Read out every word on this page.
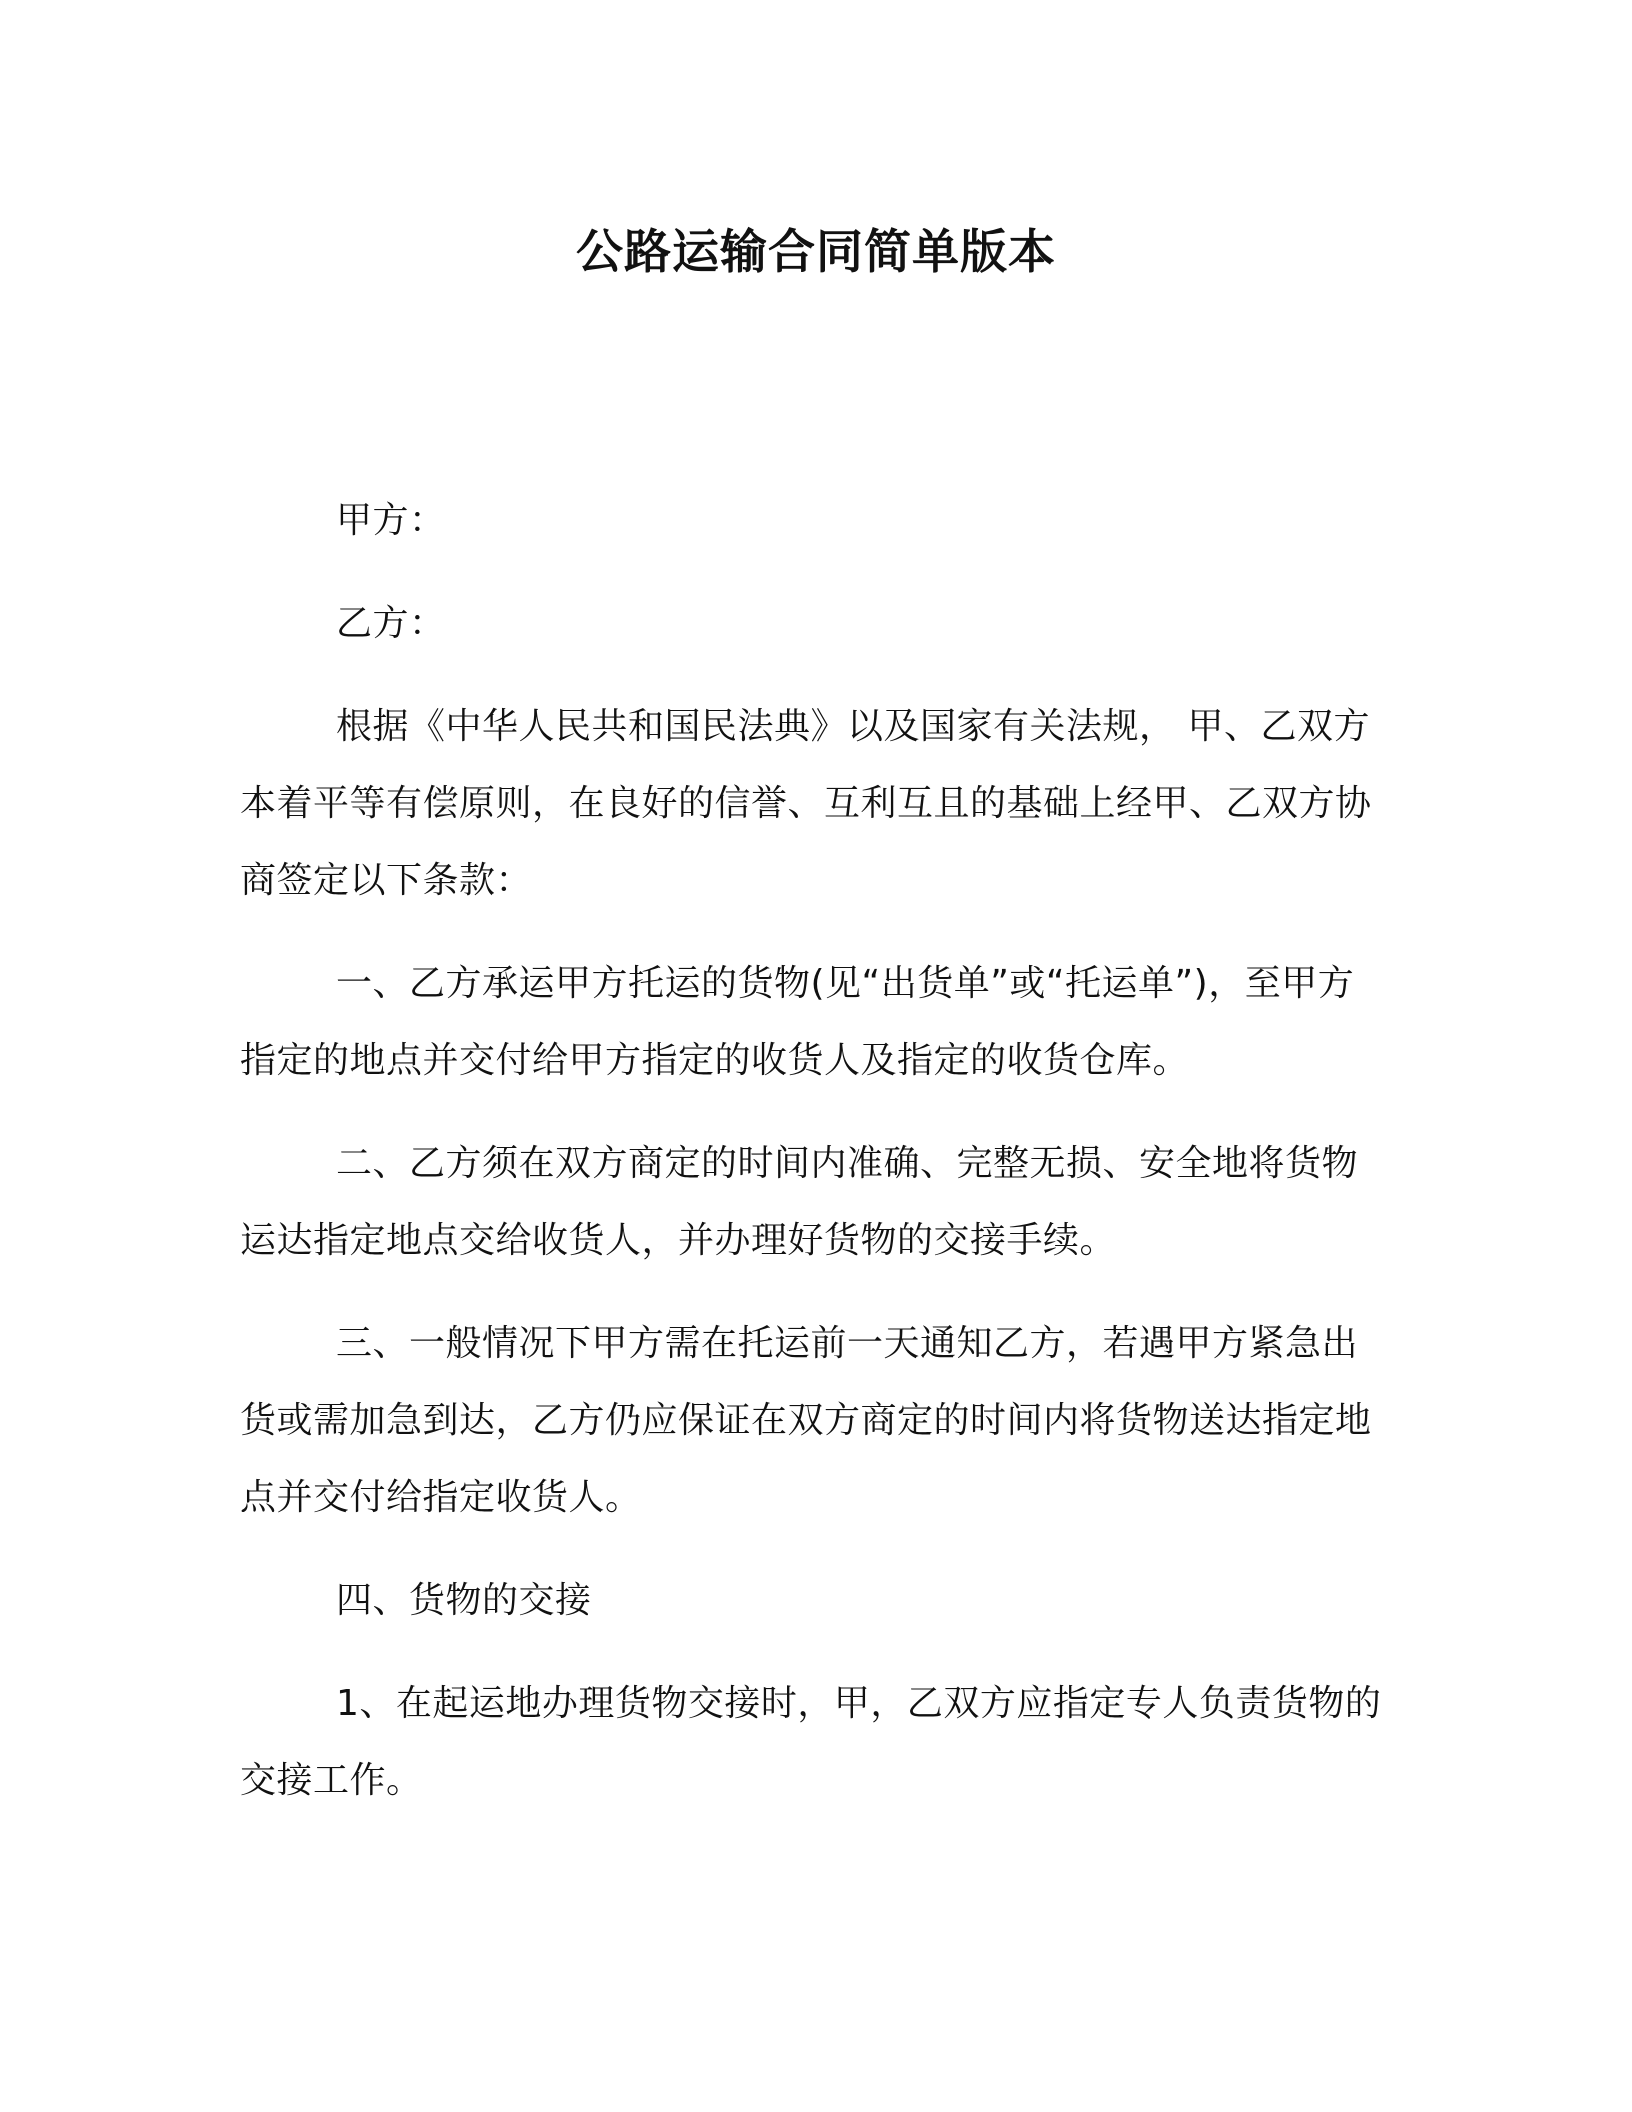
公路运输合同简单版本

甲方：

乙方：

根据《中华人民共和国民法典》以及国家有关法规， 甲、乙双方本着平等有偿原则，在良好的信誉、互利互且的基础上经甲、乙双方协商签定以下条款：

一、乙方承运甲方托运的货物(见“出货单”或“托运单”)，至甲方指定的地点并交付给甲方指定的收货人及指定的收货仓库。

二、乙方须在双方商定的时间内准确、完整无损、安全地将货物运达指定地点交给收货人，并办理好货物的交接手续。

三、一般情况下甲方需在托运前一天通知乙方，若遇甲方紧急出货或需加急到达，乙方仍应保证在双方商定的时间内将货物送达指定地点并交付给指定收货人。

四、货物的交接

1、在起运地办理货物交接时，甲，乙双方应指定专人负责货物的交接工作。
